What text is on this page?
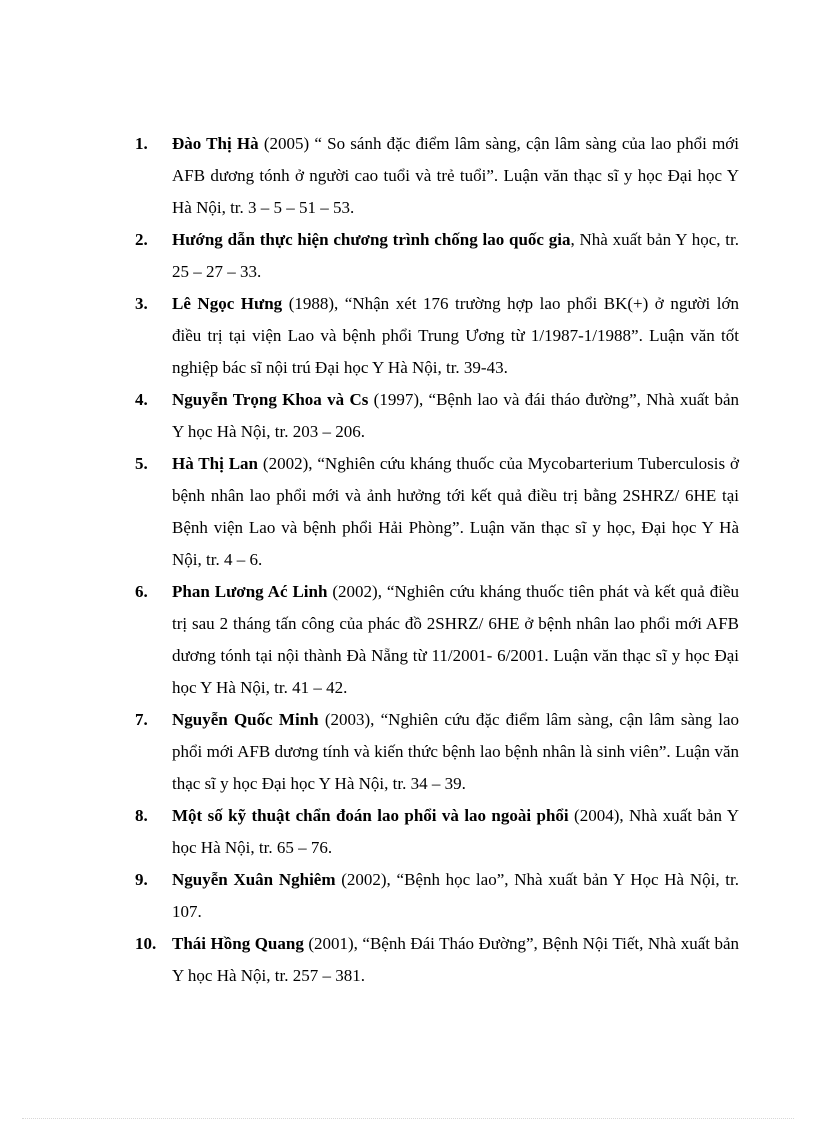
1. Đào Thị Hà (2005) “ So sánh đặc điểm lâm sàng, cận lâm sàng của lao phổi mới AFB dương tónh ở người cao tuổi và trẻ tuổi”. Luận văn thạc sĩ y học Đại học Y Hà Nội, tr. 3 – 5 – 51 – 53.
2. Hướng dẫn thực hiện chương trình chống lao quốc gia, Nhà xuất bản Y học, tr. 25 – 27 – 33.
3. Lê Ngọc Hưng (1988), “Nhận xét 176 trường hợp lao phổi BK(+) ở người lớn điều trị tại viện Lao và bệnh phổi Trung Ương từ 1/1987-1/1988”. Luận văn tốt nghiệp bác sĩ nội trú Đại học Y Hà Nội, tr. 39-43.
4. Nguyễn Trọng Khoa và Cs (1997), “Bệnh lao và đái tháo đường”, Nhà xuất bản Y học Hà Nội, tr. 203 – 206.
5. Hà Thị Lan (2002), “Nghiên cứu kháng thuốc của Mycobarterium Tuberculosis ở bệnh nhân lao phổi mới và ảnh hưởng tới kết quả điều trị bằng 2SHRZ/ 6HE tại Bệnh viện Lao và bệnh phổi Hải Phòng”. Luận văn thạc sĩ y học, Đại học Y Hà Nội, tr. 4 – 6.
6. Phan Lương Ać Linh (2002), “Nghiên cứu kháng thuốc tiên phát và kết quả điều trị sau 2 tháng tấn công của phác đồ 2SHRZ/ 6HE ở bệnh nhân lao phổi mới AFB dương tónh tại nội thành Đà Nẵng từ 11/2001- 6/2001. Luận văn thạc sĩ y học Đại học Y Hà Nội, tr. 41 – 42.
7. Nguyễn Quốc Minh (2003), “Nghiên cứu đặc điểm lâm sàng, cận lâm sàng lao phổi mới AFB dương tính và kiến thức bệnh lao bệnh nhân là sinh viên”. Luận văn thạc sĩ y học Đại học Y Hà Nội, tr. 34 – 39.
8. Một số kỹ thuật chẩn đoán lao phổi và lao ngoài phổi (2004), Nhà xuất bản Y học Hà Nội, tr. 65 – 76.
9. Nguyễn Xuân Nghiêm (2002), “Bệnh học lao”, Nhà xuất bản Y Học Hà Nội, tr. 107.
10. Thái Hồng Quang (2001), “Bệnh Đái Tháo Đường”, Bệnh Nội Tiết, Nhà xuất bản Y học Hà Nội, tr. 257 – 381.
